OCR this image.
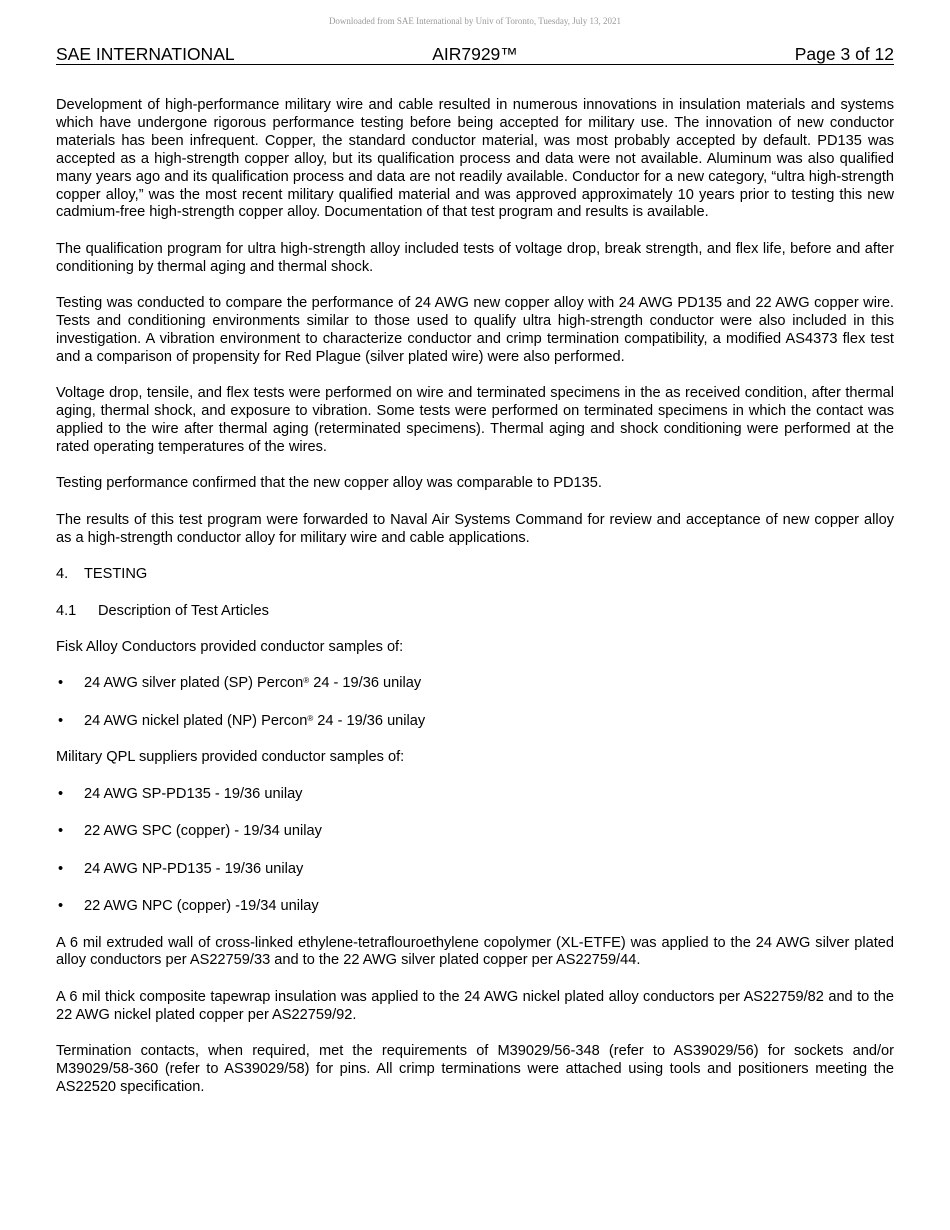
Downloaded from SAE International by Univ of Toronto, Tuesday, July 13, 2021
SAE INTERNATIONAL	AIR7929™	Page 3 of 12

Development of high-performance military wire and cable resulted in numerous innovations in insulation materials and systems which have undergone rigorous performance testing before being accepted for military use. The innovation of new conductor materials has been infrequent. Copper, the standard conductor material, was most probably accepted by default. PD135 was accepted as a high-strength copper alloy, but its qualification process and data were not available. Aluminum was also qualified many years ago and its qualification process and data are not readily available. Conductor for a new category, “ultra high-strength copper alloy,” was the most recent military qualified material and was approved approximately 10 years prior to testing this new cadmium-free high-strength copper alloy. Documentation of that test program and results is available.

The qualification program for ultra high-strength alloy included tests of voltage drop, break strength, and flex life, before and after conditioning by thermal aging and thermal shock.

Testing was conducted to compare the performance of 24 AWG new copper alloy with 24 AWG PD135 and 22 AWG copper wire. Tests and conditioning environments similar to those used to qualify ultra high-strength conductor were also included in this investigation. A vibration environment to characterize conductor and crimp termination compatibility, a modified AS4373 flex test and a comparison of propensity for Red Plague (silver plated wire) were also performed.

Voltage drop, tensile, and flex tests were performed on wire and terminated specimens in the as received condition, after thermal aging, thermal shock, and exposure to vibration. Some tests were performed on terminated specimens in which the contact was applied to the wire after thermal aging (reterminated specimens). Thermal aging and shock conditioning were performed at the rated operating temperatures of the wires.

Testing performance confirmed that the new copper alloy was comparable to PD135.

The results of this test program were forwarded to Naval Air Systems Command for review and acceptance of new copper alloy as a high-strength conductor alloy for military wire and cable applications.

4. TESTING
4.1 Description of Test Articles

Fisk Alloy Conductors provided conductor samples of:

• 24 AWG silver plated (SP) Percon® 24 - 19/36 unilay
• 24 AWG nickel plated (NP) Percon® 24 - 19/36 unilay

Military QPL suppliers provided conductor samples of:

• 24 AWG SP-PD135 - 19/36 unilay
• 22 AWG SPC (copper) - 19/34 unilay
• 24 AWG NP-PD135 - 19/36 unilay
• 22 AWG NPC (copper) -19/34 unilay

A 6 mil extruded wall of cross-linked ethylene-tetraflouroethylene copolymer (XL-ETFE) was applied to the 24 AWG silver plated alloy conductors per AS22759/33 and to the 22 AWG silver plated copper per AS22759/44.

A 6 mil thick composite tapewrap insulation was applied to the 24 AWG nickel plated alloy conductors per AS22759/82 and to the 22 AWG nickel plated copper per AS22759/92.

Termination contacts, when required, met the requirements of M39029/56-348 (refer to AS39029/56) for sockets and/or M39029/58-360 (refer to AS39029/58) for pins. All crimp terminations were attached using tools and positioners meeting the AS22520 specification.
